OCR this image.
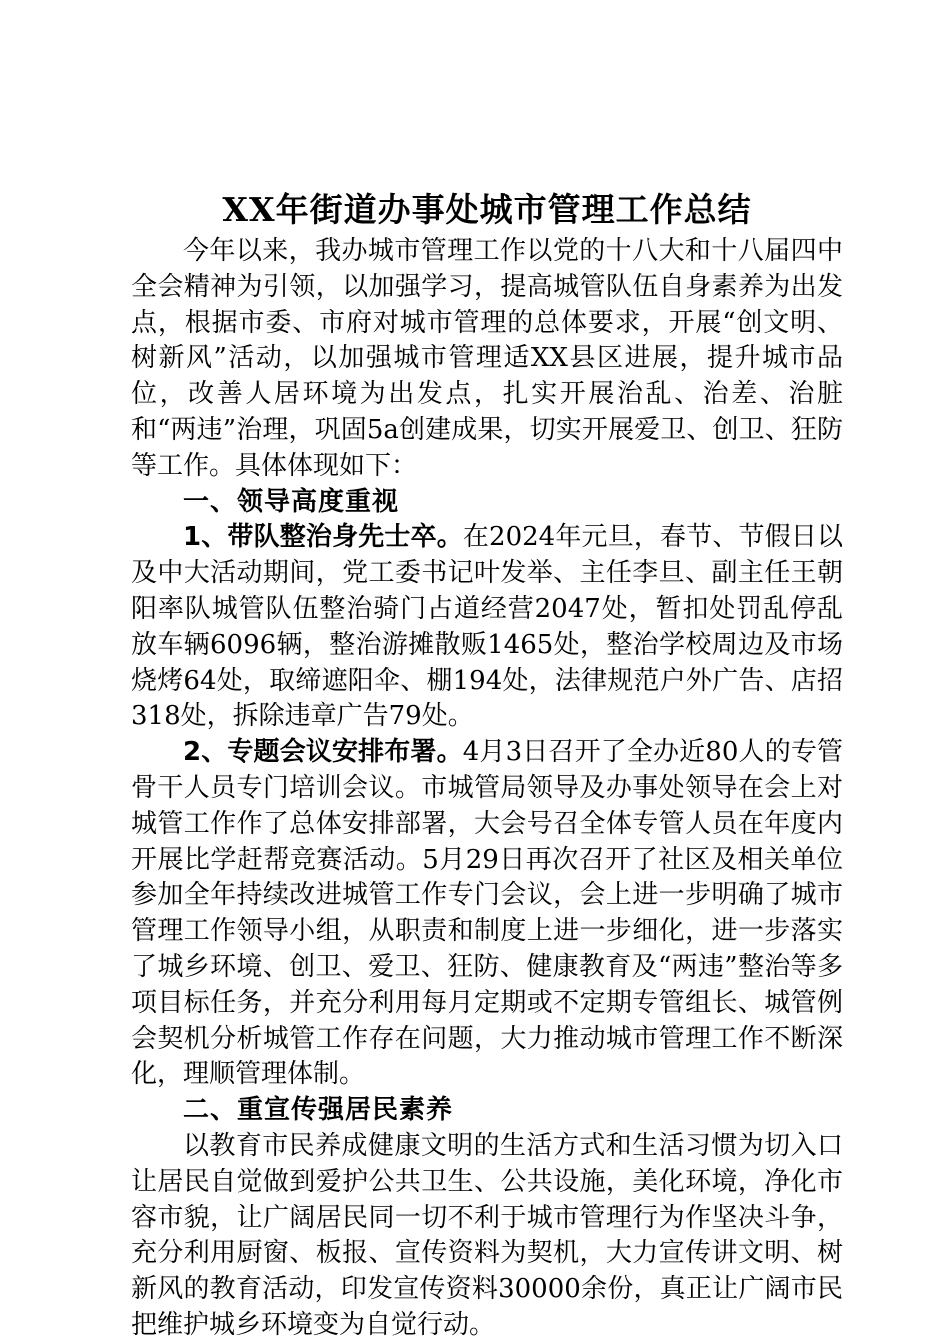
XX年街道办事处城市管理工作总结

今年以来，我办城市管理工作以党的十八大和十八届四中全会精神为引领，以加强学习，提高城管队伍自身素养为出发点，根据市委、市府对城市管理的总体要求，开展“创文明、树新风”活动，以加强城市管理适XX县区进展，提升城市品位，改善人居环境为出发点，扎实开展治乱、治差、治脏和“两违”治理，巩固5a创建成果，切实开展爱卫、创卫、狂防等工作。具体体现如下：

一、领导高度重视

1、带队整治身先士卒。在2024年元旦，春节、节假日以及中大活动期间，党工委书记叶发举、主任李旦、副主任王朝阳率队城管队伍整治骑门占道经营2047处，暂扣处罚乱停乱放车辆6096辆，整治游摊散贩1465处，整治学校周边及市场烧烤64处，取缔遮阳伞、棚194处，法律规范户外广告、店招318处，拆除违章广告79处。

2、专题会议安排布署。4月3日召开了全办近80人的专管骨干人员专门培训会议。市城管局领导及办事处领导在会上对城管工作作了总体安排部署，大会号召全体专管人员在年度内开展比学赶帮竞赛活动。5月29日再次召开了社区及相关单位参加全年持续改进城管工作专门会议，会上进一步明确了城市管理工作领导小组，从职责和制度上进一步细化，进一步落实了城乡环境、创卫、爱卫、狂防、健康教育及“两违”整治等多项目标任务，并充分利用每月定期或不定期专管组长、城管例会契机分析城管工作存在问题，大力推动城市管理工作不断深化，理顺管理体制。

二、重宣传强居民素养

以教育市民养成健康文明的生活方式和生活习惯为切入口让居民自觉做到爱护公共卫生、公共设施，美化环境，净化市容市貌，让广阔居民同一切不利于城市管理行为作坚决斗争，充分利用厨窗、板报、宣传资料为契机，大力宣传讲文明、树新风的教育活动，印发宣传资料30000余份，真正让广阔市民把维护城乡环境变为自觉行动。
